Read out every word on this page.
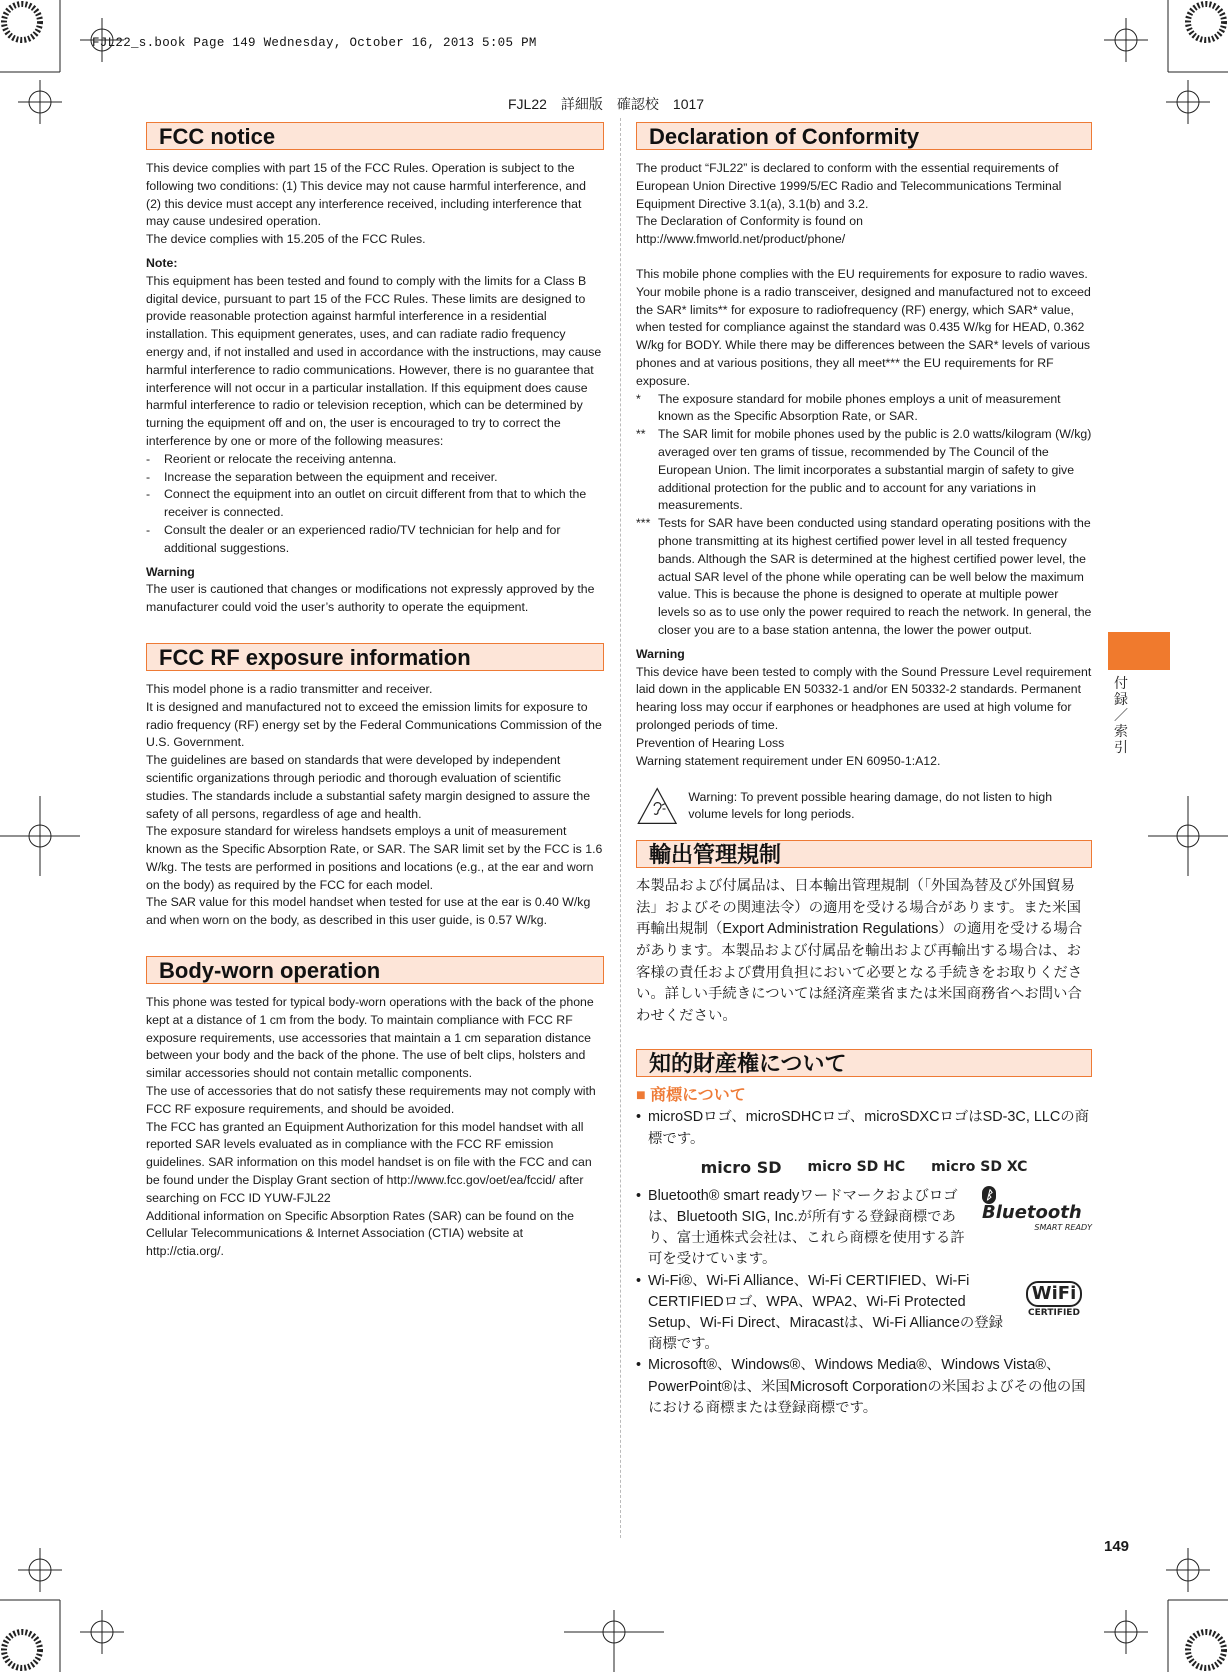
FJL22_s.book Page 149 Wednesday, October 16, 2013 5:05 PM
FJL22　詳細版　確認校　1017
FCC notice

This device complies with part 15 of the FCC Rules. Operation is subject to the following two conditions: (1) This device may not cause harmful interference, and (2) this device must accept any interference received, including interference that may cause undesired operation.

The device complies with 15.205 of the FCC Rules.

Note:

This equipment has been tested and found to comply with the limits for a Class B digital device, pursuant to part 15 of the FCC Rules. These limits are designed to provide reasonable protection against harmful interference in a residential installation. This equipment generates, uses, and can radiate radio frequency energy and, if not installed and used in accordance with the instructions, may cause harmful interference to radio communications. However, there is no guarantee that interference will not occur in a particular installation. If this equipment does cause harmful interference to radio or television reception, which can be determined by turning the equipment off and on, the user is encouraged to try to correct the interference by one or more of the following measures:

-	Reorient or relocate the receiving antenna.
-	Increase the separation between the equipment and receiver.
-	Connect the equipment into an outlet on circuit different from that to which the receiver is connected.
-	Consult the dealer or an experienced radio/TV technician for help and for additional suggestions.

Warning

The user is cautioned that changes or modifications not expressly approved by the manufacturer could void the user’s authority to operate the equipment.

FCC RF exposure information

This model phone is a radio transmitter and receiver.

It is designed and manufactured not to exceed the emission limits for exposure to radio frequency (RF) energy set by the Federal Communications Commission of the U.S. Government.

The guidelines are based on standards that were developed by independent scientific organizations through periodic and thorough evaluation of scientific studies. The standards include a substantial safety margin designed to assure the safety of all persons, regardless of age and health.

The exposure standard for wireless handsets employs a unit of measurement known as the Specific Absorption Rate, or SAR. The SAR limit set by the FCC is 1.6 W/kg. The tests are performed in positions and locations (e.g., at the ear and worn on the body) as required by the FCC for each model.

The SAR value for this model handset when tested for use at the ear is 0.40 W/kg and when worn on the body, as described in this user guide, is 0.57 W/kg.

Body-worn operation

This phone was tested for typical body-worn operations with the back of the phone kept at a distance of 1 cm from the body. To maintain compliance with FCC RF exposure requirements, use accessories that maintain a 1 cm separation distance between your body and the back of the phone. The use of belt clips, holsters and similar accessories should not contain metallic components.

The use of accessories that do not satisfy these requirements may not comply with FCC RF exposure requirements, and should be avoided.

The FCC has granted an Equipment Authorization for this model handset with all reported SAR levels evaluated as in compliance with the FCC RF emission guidelines. SAR information on this model handset is on file with the FCC and can be found under the Display Grant section of http://www.fcc.gov/oet/ea/fccid/ after searching on FCC ID YUW-FJL22

Additional information on Specific Absorption Rates (SAR) can be found on the Cellular Telecommunications & Internet Association (CTIA) website at http://ctia.org/.

Declaration of Conformity

The product “FJL22” is declared to conform with the essential requirements of European Union Directive 1999/5/EC Radio and Telecommunications Terminal Equipment Directive 3.1(a), 3.1(b) and 3.2.

The Declaration of Conformity is found on

http://www.fmworld.net/product/phone/

This mobile phone complies with the EU requirements for exposure to radio waves.

Your mobile phone is a radio transceiver, designed and manufactured not to exceed the SAR* limits** for exposure to radiofrequency (RF) energy, which SAR* value, when tested for compliance against the standard was 0.435 W/kg for HEAD, 0.362 W/kg for BODY. While there may be differences between the SAR* levels of various phones and at various positions, they all meet*** the EU requirements for RF exposure.

*	The exposure standard for mobile phones employs a unit of measurement known as the Specific Absorption Rate, or SAR.
**	The SAR limit for mobile phones used by the public is 2.0 watts/kilogram (W/kg) averaged over ten grams of tissue, recommended by The Council of the European Union. The limit incorporates a substantial margin of safety to give additional protection for the public and to account for any variations in measurements.
*** Tests for SAR have been conducted using standard operating positions with the phone transmitting at its highest certified power level in all tested frequency bands. Although the SAR is determined at the highest certified power level, the actual SAR level of the phone while operating can be well below the maximum value. This is because the phone is designed to operate at multiple power levels so as to use only the power required to reach the network. In general, the closer you are to a base station antenna, the lower the power output.

Warning

This device have been tested to comply with the Sound Pressure Level requirement laid down in the applicable EN 50332-1 and/or EN 50332-2 standards. Permanent hearing loss may occur if earphones or headphones are used at high volume for prolonged periods of time.

Prevention of Hearing Loss

Warning statement requirement under EN 60950-1:A12.

Warning: To prevent possible hearing damage, do not listen to high volume levels for long periods.
輸出管理規制

本製品および付属品は、日本輸出管理規制（「外国為替及び外国貿易法」およびその関連法令）の適用を受ける場合があります。また米国再輸出規制（Export Administration Regulations）の適用を受ける場合があります。本製品および付属品を輸出および再輸出する場合は、お客様の責任および費用負担において必要となる手続きをお取りください。詳しい手続きについては経済産業省または米国商務省へお問い合わせください。

知的財産権について

■ 商標について

• microSDロゴ、microSDHCロゴ、microSDXCロゴはSD-3C, LLCの商標です。
micro SD micro SD HC micro SD XC
• Bluetooth® smart readyワードマークおよびロゴは、Bluetooth SIG, Inc.が所有する登録商標であり、富士通株式会社は、これら商標を使用する許可を受けています。
ᛒ Bluetooth
SMART READY
• Wi-Fi®、Wi-Fi Alliance、Wi-Fi CERTIFIED、Wi-Fi CERTIFIEDロゴ、WPA、WPA2、Wi-Fi Protected Setup、Wi-Fi Direct、Miracastは、Wi-Fi Allianceの登録商標です。
WiFi
CERTIFIED
• Microsoft®、Windows®、Windows Media®、Windows Vista®、PowerPoint®は、米国Microsoft Corporationの米国およびその他の国における商標または登録商標です。
付録／索引
149
